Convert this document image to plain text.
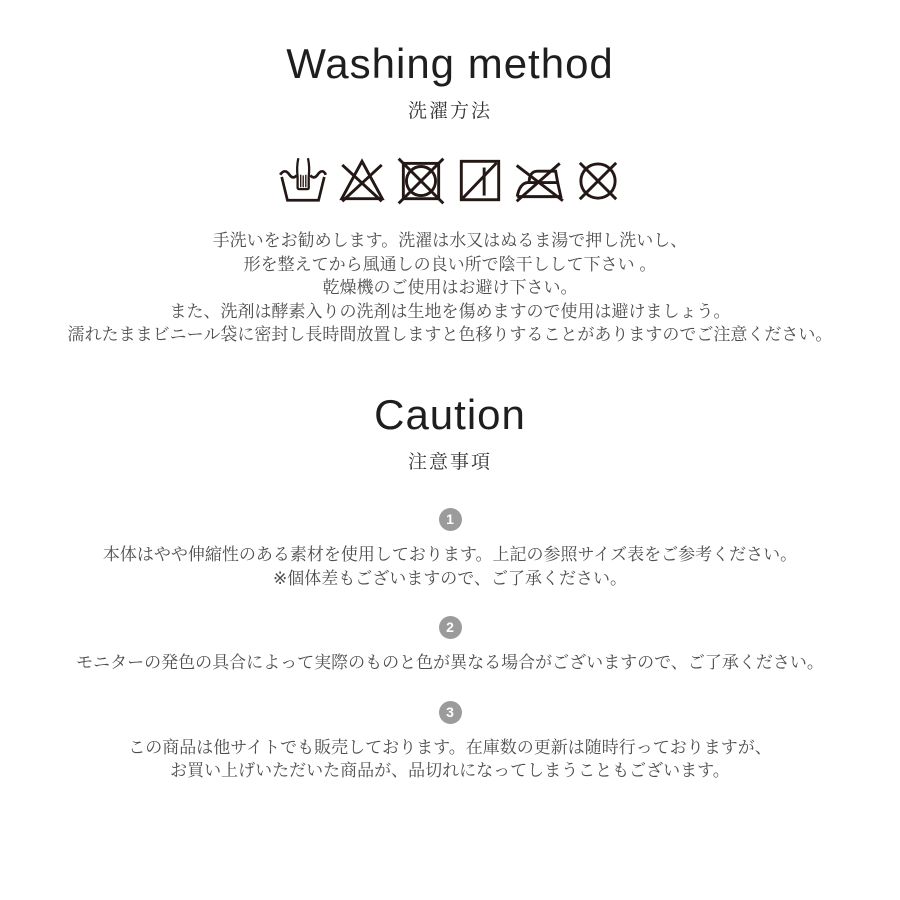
Washing method
洗濯方法

手洗いをお勧めします。洗濯は水又はぬるま湯で押し洗いし、
形を整えてから風通しの良い所で陰干しして下さい 。
乾燥機のご使用はお避け下さい。
また、洗剤は酵素入りの洗剤は生地を傷めますので使用は避けましょう。
濡れたままビニール袋に密封し長時間放置しますと色移りすることがありますのでご注意ください。

Caution
注意事項
1
本体はやや伸縮性のある素材を使用しております。上記の参照サイズ表をご参考ください。
※個体差もございますので、ご了承ください。
2
モニターの発色の具合によって実際のものと色が異なる場合がございますので、ご了承ください。
3
この商品は他サイトでも販売しております。在庫数の更新は随時行っておりますが、
お買い上げいただいた商品が、品切れになってしまうこともございます。
